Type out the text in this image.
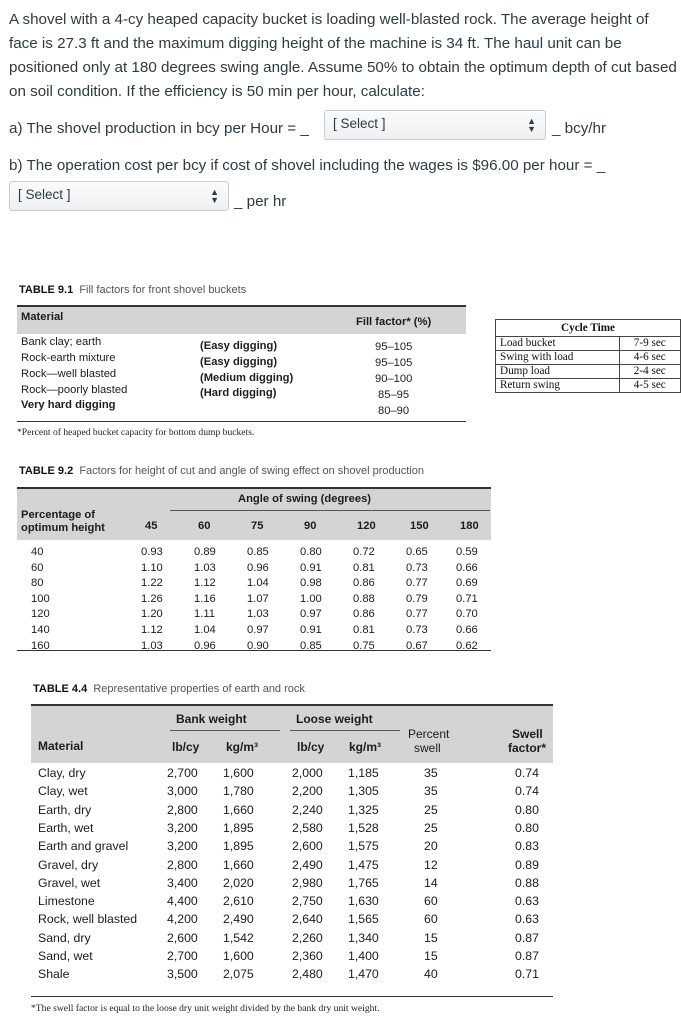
A shovel with a 4-cy heaped capacity bucket is loading well-blasted rock. The average height of face is 27.3 ft and the maximum digging height of the machine is 34 ft. The haul unit can be positioned only at 180 degrees swing angle. Assume 50% to obtain the optimum depth of cut based on soil condition. If the efficiency is 50 min per hour, calculate:
a) The shovel production in bcy per Hour = _	[ Select ]	▲
▼ _ bcy/hr
b) The operation cost per bcy if cost of shovel including the wages is $96.00 per hour = _
[ Select ]	▲
▼ _ per hr
TABLE 9.1 Fill factors for front shovel buckets
Material	Fill factor* (%)
Bank clay; earth	(Easy digging)	95–105
Rock-earth mixture	(Easy digging)	95–105
Rock—well blasted	(Medium digging)	90–100
Rock—poorly blasted	(Hard digging)	85–95
Very hard digging	80–90
*Percent of heaped bucket capacity for bottom dump buckets.
Cycle Time	
Load bucket	7-9 sec
Swing with load	4-6 sec
Dump load	2-4 sec
Return swing	4-5 sec
TABLE 9.2 Factors for height of cut and angle of swing effect on shovel production
Angle of swing (degrees)
Percentage of
optimum height	45	60	75	90	120	150	180
40	0.93	0.89	0.85	0.80	0.72	0.65	0.59
60	1.10	1.03	0.96	0.91	0.81	0.73	0.66
80	1.22	1.12	1.04	0.98	0.86	0.77	0.69
100	1.26	1.16	1.07	1.00	0.88	0.79	0.71
120	1.20	1.11	1.03	0.97	0.86	0.77	0.70
140	1.12	1.04	0.97	0.91	0.81	0.73	0.66
160	1.03	0.96	0.90	0.85	0.75	0.67	0.62
TABLE 4.4 Representative properties of earth and rock
Bank weight	Loose weight
Material	lb/cy kg/m³	lb/cy kg/m³
Percent
swell
Swell
factor*
*The swell factor is equal to the loose dry unit weight divided by the bank dry unit weight.
Clay, dry	2,700 1,600	2,000 1,185	35	0.74
Clay, wet	3,000 1,780	2,200 1,305	35	0.74
Earth, dry	2,800 1,660	2,240 1,325	25	0.80
Earth, wet	3,200 1,895	2,580 1,528	25	0.80
Earth and gravel	3,200 1,895	2,600 1,575	20	0.83
Gravel, dry	2,800 1,660	2,490 1,475	12	0.89
Gravel, wet	3,400 2,020	2,980 1,765	14	0.88
Limestone	4,400 2,610	2,750 1,630	60	0.63
Rock, well blasted 4,200 2,490	2,640 1,565	60	0.63
Sand, dry	2,600 1,542	2,260 1,340	15	0.87
Sand, wet	2,700 1,600	2,360 1,400	15	0.87
Shale	3,500 2,075	2,480 1,470	40	0.71
